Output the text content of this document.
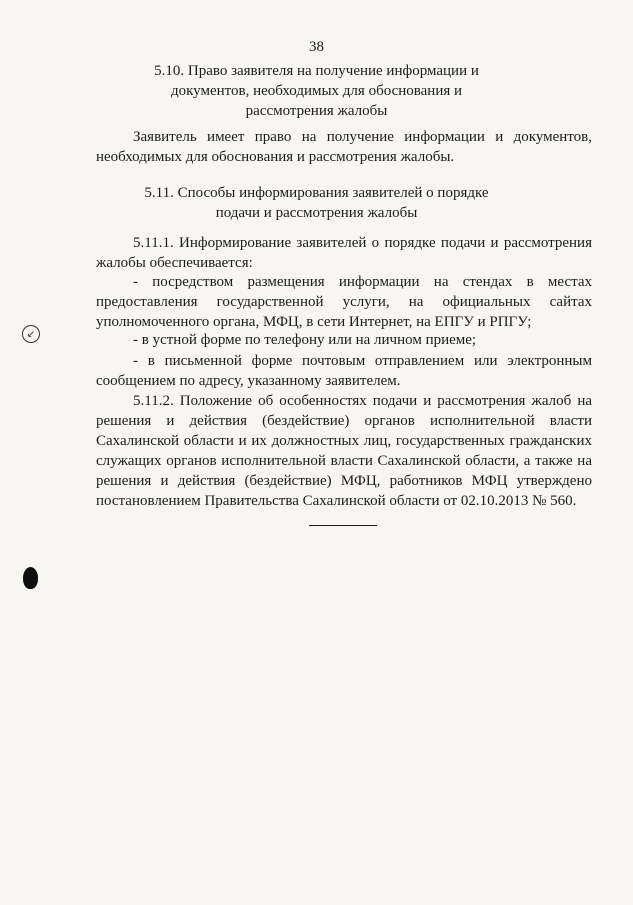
38
5.10. Право заявителя на получение информации и
документов, необходимых для обоснования и
рассмотрения жалобы

Заявитель имеет право на получение информации и документов, необходимых для обоснования и рассмотрения жалобы.

5.11. Способы информирования заявителей о порядке
подачи и рассмотрения жалобы

5.11.1. Информирование заявителей о порядке подачи и рассмотрения жалобы обеспечивается:

- посредством размещения информации на стендах в местах предоставления государственной услуги, на официальных сайтах уполномоченного органа, МФЦ, в сети Интернет, на ЕПГУ и РПГУ;

- в устной форме по телефону или на личном приеме;

- в письменной форме почтовым отправлением или электронным сообщением по адресу, указанному заявителем.

5.11.2. Положение об особенностях подачи и рассмотрения жалоб на решения и действия (бездействие) органов исполнительной власти Сахалинской области и их должностных лиц, государственных гражданских служащих органов исполнительной власти Сахалинской области, а также на решения и действия (бездействие) МФЦ, работников МФЦ утверждено постановлением Правительства Сахалинской области от 02.10.2013 № 560.

↙
